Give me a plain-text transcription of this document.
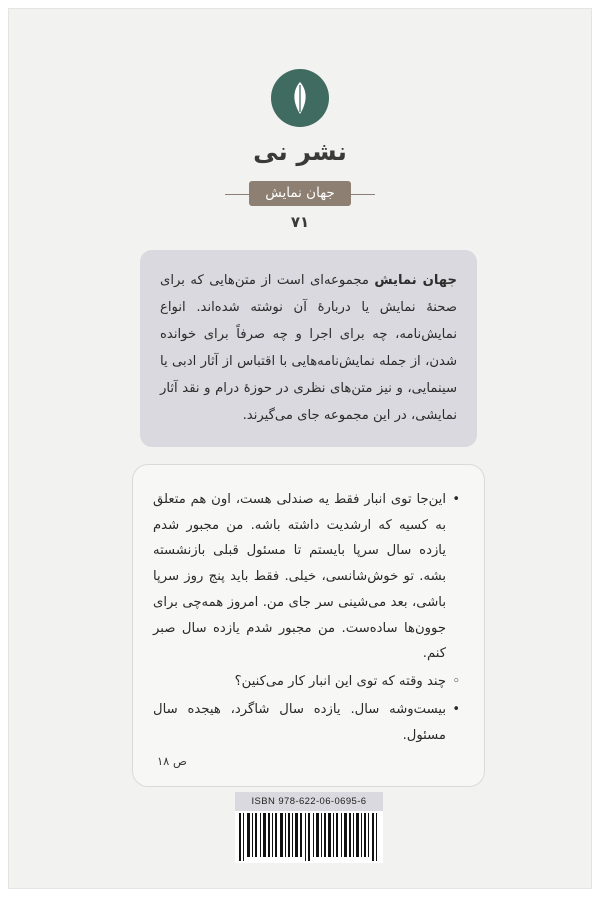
نشر نی
جهان نمایش
۷۱

جهان نمایش مجموعه‌ای است از متن‌هایی که برای صحنهٔ نمایش یا دربارهٔ آن نوشته شده‌اند. انواع نمایش‌نامه، چه برای اجرا و چه صرفاً برای خوانده شدن، از جمله نمایش‌نامه‌هایی با اقتباس از آثار ادبی یا سینمایی، و نیز متن‌های نظری در حوزهٔ درام و نقد آثار نمایشی، در این مجموعه جای می‌گیرند.

• این‌جا توی انبار فقط یه صندلی هست، اون هم متعلق به کسیه که ارشدیت داشته باشه. من مجبور شدم یازده سال سرپا بایستم تا مسئول قبلی بازنشسته بشه. تو خوش‌شانسی، خیلی. فقط باید پنج روز سرپا باشی، بعد می‌شینی سر جای من. امروز همه‌چی برای جوون‌ها ساده‌ست. من مجبور شدم یازده سال صبر کنم.
◦ چند وقته که توی این انبار کار می‌کنین؟
• بیست‌وشه سال. یازده سال شاگرد، هیجده سال مسئول.
ص ۱۸
ISBN 978-622-06-0695-6
